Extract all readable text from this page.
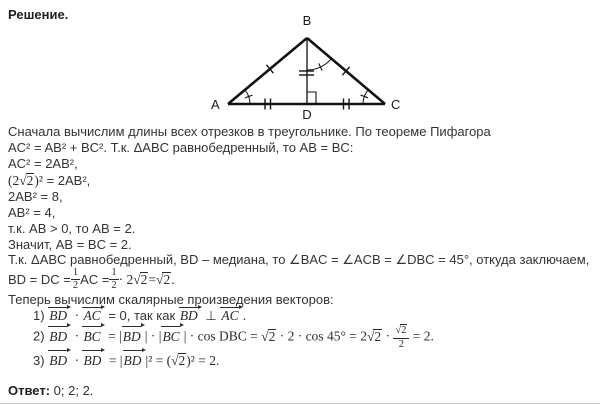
Решение.
A
B
C
D

Сначала вычислим длины всех отрезков в треугольнике. По теореме Пифагора

AC² = AB² + BC². Т.к. ΔABC равнобедренный, то AB = BC:

AC² = 2AB²,

(2√2)² = 2AB²,

2AB² = 8,

AB² = 4,

т.к. AB > 0, то AB = 2.

Значит, AB = BC = 2.

Т.к. ΔABC равнобедренный, BD – медиана, то ∠BAC = ∠ACB = ∠DBC = 45°, откуда заключаем,

BD = DC = $\frac{1}{2}$ AC = $\frac{1}{2} \cdot 2$ √2 = √2 .

Теперь вычислим скалярные произведения векторов:

1) BD · AC = 0, так как BD ⊥ AC .

2) BD · BC = |BD | · |BC | · cos DBC = $√2 \cdot 2 \cdot \cos 45^\circ = 2√2 \cdot \frac{√2}{2} = 2$.

3) BD · BD = |BD |² = (√2)² = 2.

Ответ: 0; 2; 2.
